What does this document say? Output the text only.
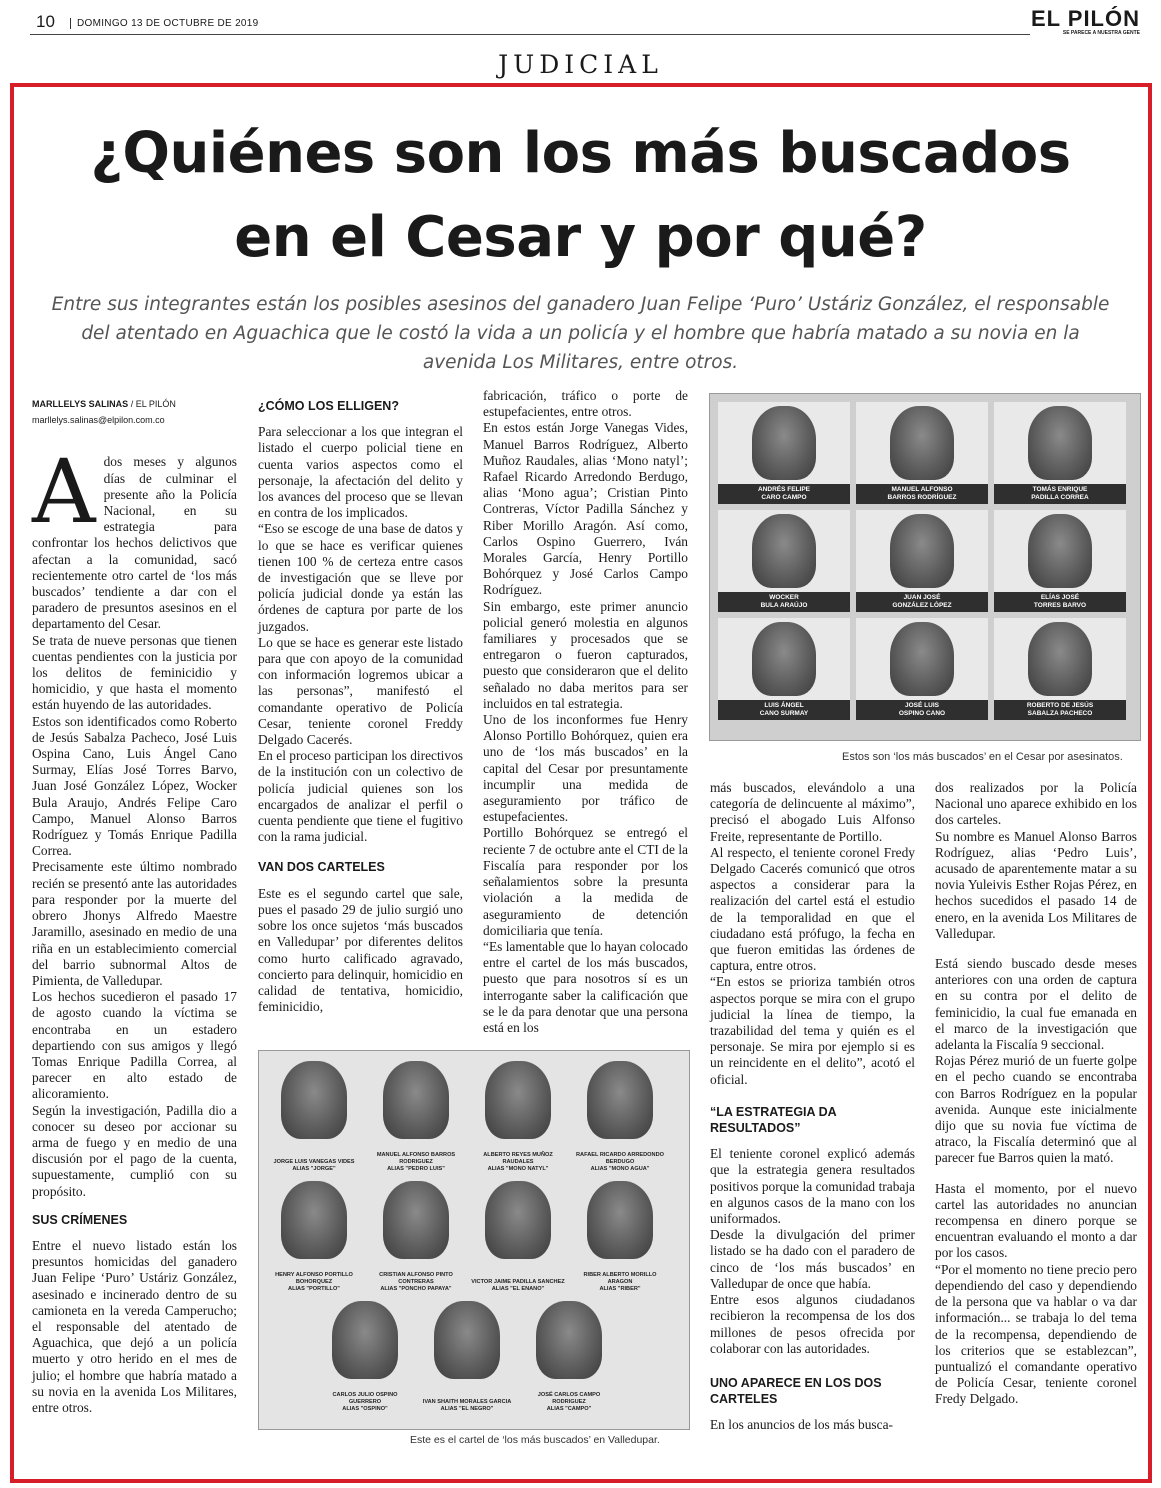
10	DOMINGO 13 DE OCTUBRE DE 2019	EL PILÓN
SE PARECE A NUESTRA GENTE
JUDICIAL
¿Quiénes son los más buscados
en el Cesar y por qué?
Entre sus integrantes están los posibles asesinos del ganadero Juan Felipe ‘Puro’ Ustáriz González, el responsable del atentado en Aguachica que le costó la vida a un policía y el hombre que habría matado a su novia en la avenida Los Militares, entre otros.
MARLLELYS SALINAS / EL PILÓN
marllelys.salinas@elpilon.com.co

Ados meses y algunos días de culminar el presente año la Policía Nacional, en su estrategia para confrontar los hechos delictivos que afectan a la comunidad, sacó recientemente otro cartel de ‘los más buscados’ tendiente a dar con el paradero de presuntos asesinos en el departamento del Cesar.

Se trata de nueve personas que tienen cuentas pendientes con la justicia por los delitos de feminicidio y homicidio, y que hasta el momento están huyendo de las autoridades.

Estos son identificados como Roberto de Jesús Sabalza Pacheco, José Luis Ospina Cano, Luis Ángel Cano Surmay, Elías José Torres Barvo, Juan José González López, Wocker Bula Araujo, Andrés Felipe Caro Campo, Manuel Alonso Barros Rodríguez y Tomás Enrique Padilla Correa.

Precisamente este último nombrado recién se presentó ante las autoridades para responder por la muerte del obrero Jhonys Alfredo Maestre Jaramillo, asesinado en medio de una riña en un establecimiento comercial del barrio subnormal Altos de Pimienta, de Valledupar.

Los hechos sucedieron el pasado 17 de agosto cuando la víctima se encontraba en un estadero departiendo con sus amigos y llegó Tomas Enrique Padilla Correa, al parecer en alto estado de alicoramiento.

Según la investigación, Padilla dio a conocer su deseo por accionar su arma de fuego y en medio de una discusión por el pago de la cuenta, supuestamente, cumplió con su propósito.

SUS CRÍMENES

Entre el nuevo listado están los presuntos homicidas del ganadero Juan Felipe ‘Puro’ Ustáriz González, asesinado e incinerado dentro de su camioneta en la vereda Camperucho; el responsable del atentado de Aguachica, que dejó a un policía muerto y otro herido en el mes de julio; el hombre que habría matado a su novia en la avenida Los Militares, entre otros.

¿CÓMO LOS ELLIGEN?

Para seleccionar a los que integran el listado el cuerpo policial tiene en cuenta varios aspectos como el personaje, la afectación del delito y los avances del proceso que se llevan en contra de los implicados.

“Eso se escoge de una base de datos y lo que se hace es verificar quienes tienen 100 % de certeza entre casos de investigación que se lleve por policía judicial donde ya están las órdenes de captura por parte de los juzgados.

Lo que se hace es generar este listado para que con apoyo de la comunidad con información logremos ubicar a las personas”, manifestó el comandante operativo de Policía Cesar, teniente coronel Freddy Delgado Cacerés.

En el proceso participan los directivos de la institución con un colectivo de policía judicial quienes son los encargados de analizar el perfil o cuenta pendiente que tiene el fugitivo con la rama judicial.

VAN DOS CARTELES

Este es el segundo cartel que sale, pues el pasado 29 de julio surgió uno sobre los once sujetos ‘más buscados en Valledupar’ por diferentes delitos como hurto calificado agravado, concierto para delinquir, homicidio en calidad de tentativa, homicidio, feminicidio,

fabricación, tráfico o porte de estupefacientes, entre otros.

En estos están Jorge Vanegas Vides, Manuel Barros Rodríguez, Alberto Muñoz Raudales, alias ‘Mono natyl’; Rafael Ricardo Arredondo Berdugo, alias ‘Mono agua’; Cristian Pinto Contreras, Víctor Padilla Sánchez y Riber Morillo Aragón. Así como, Carlos Ospino Guerrero, Iván Morales García, Henry Portillo Bohórquez y José Carlos Campo Rodríguez.

Sin embargo, este primer anuncio policial generó molestia en algunos familiares y procesados que se entregaron o fueron capturados, puesto que consideraron que el delito señalado no daba meritos para ser incluidos en tal estrategia.

Uno de los inconformes fue Henry Alonso Portillo Bohórquez, quien era uno de ‘los más buscados’ en la capital del Cesar por presuntamente incumplir una medida de aseguramiento por tráfico de estupefacientes.

Portillo Bohórquez se entregó el reciente 7 de octubre ante el CTI de la Fiscalía para responder por los señalamientos sobre la presunta violación a la medida de aseguramiento de detención domiciliaria que tenía.

“Es lamentable que lo hayan colocado entre el cartel de los más buscados, puesto que para nosotros sí es un interrogante saber la calificación que se le da para denotar que una persona está en los

más buscados, elevándolo a una categoría de delincuente al máximo”, precisó el abogado Luis Alfonso Freite, representante de Portillo.

Al respecto, el teniente coronel Fredy Delgado Cacerés comunicó que otros aspectos a considerar para la realización del cartel está el estudio de la temporalidad en que el ciudadano está prófugo, la fecha en que fueron emitidas las órdenes de captura, entre otros.

“En estos se prioriza también otros aspectos porque se mira con el grupo judicial la línea de tiempo, la trazabilidad del tema y quién es el personaje. Se mira por ejemplo si es un reincidente en el delito”, acotó el oficial.

“LA ESTRATEGIA DA RESULTADOS”

El teniente coronel explicó además que la estrategia genera resultados positivos porque la comunidad trabaja en algunos casos de la mano con los uniformados.

Desde la divulgación del primer listado se ha dado con el paradero de cinco de ‘los más buscados’ en Valledupar de once que había.

Entre esos algunos ciudadanos recibieron la recompensa de los dos millones de pesos ofrecida por colaborar con las autoridades.

UNO APARECE EN LOS DOS CARTELES

En los anuncios de los más busca-

dos realizados por la Policía Nacional uno aparece exhibido en los dos carteles.

Su nombre es Manuel Alonso Barros Rodríguez, alias ‘Pedro Luis’, acusado de aparentemente matar a su novia Yuleivis Esther Rojas Pérez, en hechos sucedidos el pasado 14 de enero, en la avenida Los Militares de Valledupar.

Está siendo buscado desde meses anteriores con una orden de captura en su contra por el delito de feminicidio, la cual fue emanada en el marco de la investigación que adelanta la Fiscalía 9 seccional.

Rojas Pérez murió de un fuerte golpe en el pecho cuando se encontraba con Barros Rodríguez en la popular avenida. Aunque este inicialmente dijo que su novia fue víctima de atraco, la Fiscalía determinó que al parecer fue Barros quien la mató.

Hasta el momento, por el nuevo cartel las autoridades no anuncian recompensa en dinero porque se encuentran evaluando el monto a dar por los casos.

“Por el momento no tiene precio pero dependiendo del caso y dependiendo de la persona que va hablar o va dar información... se trabaja lo del tema de la recompensa, dependiendo de los criterios que se establezcan”, puntualizó el comandante operativo de Policía Cesar, teniente coronel Fredy Delgado.

ANDRÉS FELIPE
CARO CAMPO
MANUEL ALFONSO
BARROS RODRÍGUEZ
TOMÁS ENRIQUE
PADILLA CORREA
WOCKER
BULA ARAÚJO
JUAN JOSÉ
GONZÁLEZ LÓPEZ
ELÍAS JOSÉ
TORRES BARVO
LUIS ÁNGEL
CANO SURMAY
JOSÉ LUIS
OSPINO CANO
ROBERTO DE JESÚS
SABALZA PACHECO
Estos son ‘los más buscados’ en el Cesar por asesinatos.
JORGE LUIS VANEGAS VIDES
ALIAS "JORGE"
MANUEL ALFONSO BARROS RODRIGUEZ
ALIAS "PEDRO LUIS"
ALBERTO REYES MUÑOZ RAUDALES
ALIAS "MONO NATYL"
RAFAEL RICARDO ARREDONDO BERDUGO
ALIAS "MONO AGUA"
HENRY ALFONSO PORTILLO BOHORQUEZ
ALIAS "PORTILLO"
CRISTIAN ALFONSO PINTO CONTRERAS
ALIAS "PONCHO PAPAYA"
VICTOR JAIME PADILLA SANCHEZ
ALIAS "EL ENANO"
RIBER ALBERTO MORILLO ARAGON
ALIAS "RIBER"
CARLOS JULIO OSPINO GUERRERO
ALIAS "OSPINO"
IVAN SHAITH MORALES GARCIA
ALIAS "EL NEGRO"
JOSÉ CARLOS CAMPO RODRIGUEZ
ALIAS "CAMPO"
Este es el cartel de ‘los más buscados’ en Valledupar.
